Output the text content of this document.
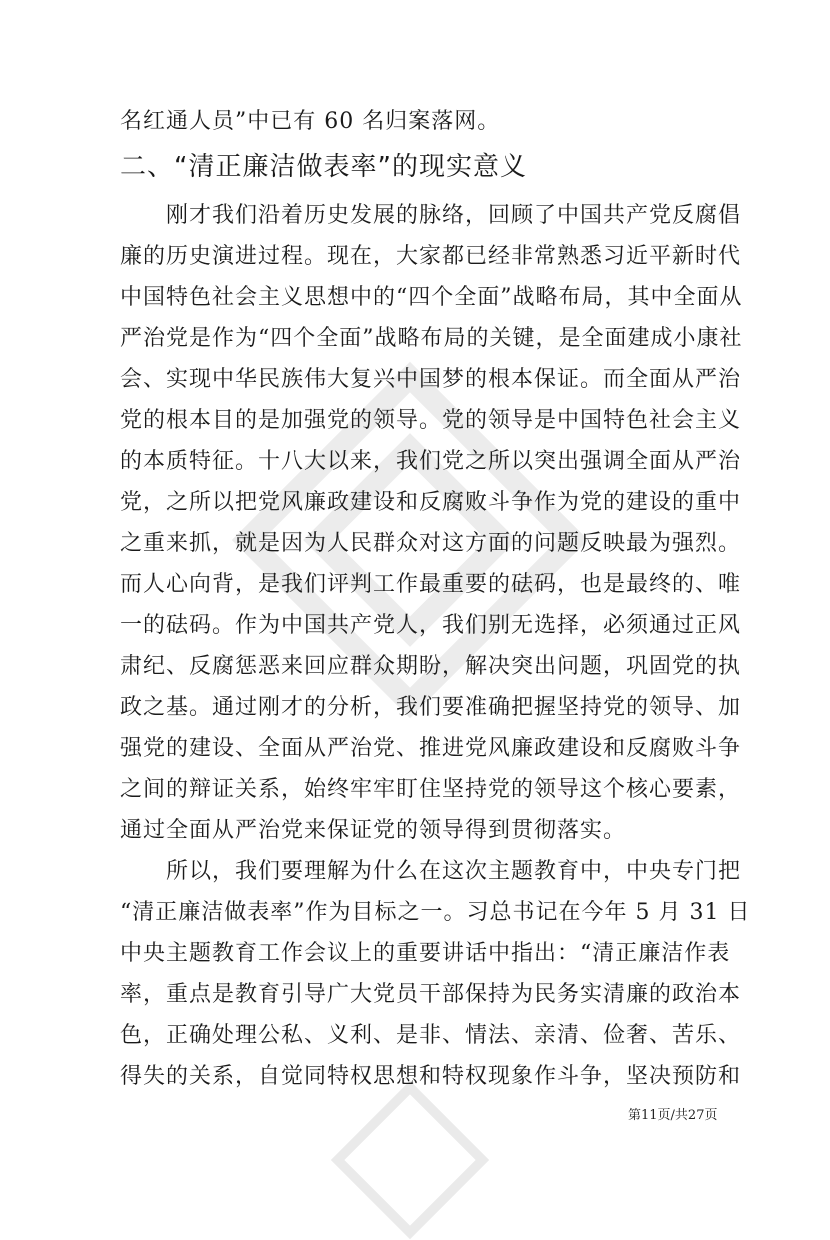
名红通人员”中已有 60 名归案落网。
二、“清正廉洁做表率”的现实意义
　　刚才我们沿着历史发展的脉络，回顾了中国共产党反腐倡
廉的历史演进过程。现在，大家都已经非常熟悉习近平新时代
中国特色社会主义思想中的“四个全面”战略布局，其中全面从
严治党是作为“四个全面”战略布局的关键，是全面建成小康社
会、实现中华民族伟大复兴中国梦的根本保证。而全面从严治
党的根本目的是加强党的领导。党的领导是中国特色社会主义
的本质特征。十八大以来，我们党之所以突出强调全面从严治
党，之所以把党风廉政建设和反腐败斗争作为党的建设的重中
之重来抓，就是因为人民群众对这方面的问题反映最为强烈。
而人心向背，是我们评判工作最重要的砝码，也是最终的、唯
一的砝码。作为中国共产党人，我们别无选择，必须通过正风
肃纪、反腐惩恶来回应群众期盼，解决突出问题，巩固党的执
政之基。通过刚才的分析，我们要准确把握坚持党的领导、加
强党的建设、全面从严治党、推进党风廉政建设和反腐败斗争
之间的辩证关系，始终牢牢盯住坚持党的领导这个核心要素，
通过全面从严治党来保证党的领导得到贯彻落实。
　　所以，我们要理解为什么在这次主题教育中，中央专门把
“清正廉洁做表率”作为目标之一。习总书记在今年 5 月 31 日
中央主题教育工作会议上的重要讲话中指出：“清正廉洁作表
率，重点是教育引导广大党员干部保持为民务实清廉的政治本
色，正确处理公私、义利、是非、情法、亲清、俭奢、苦乐、
得失的关系，自觉同特权思想和特权现象作斗争，坚决预防和
第11页/共27页
